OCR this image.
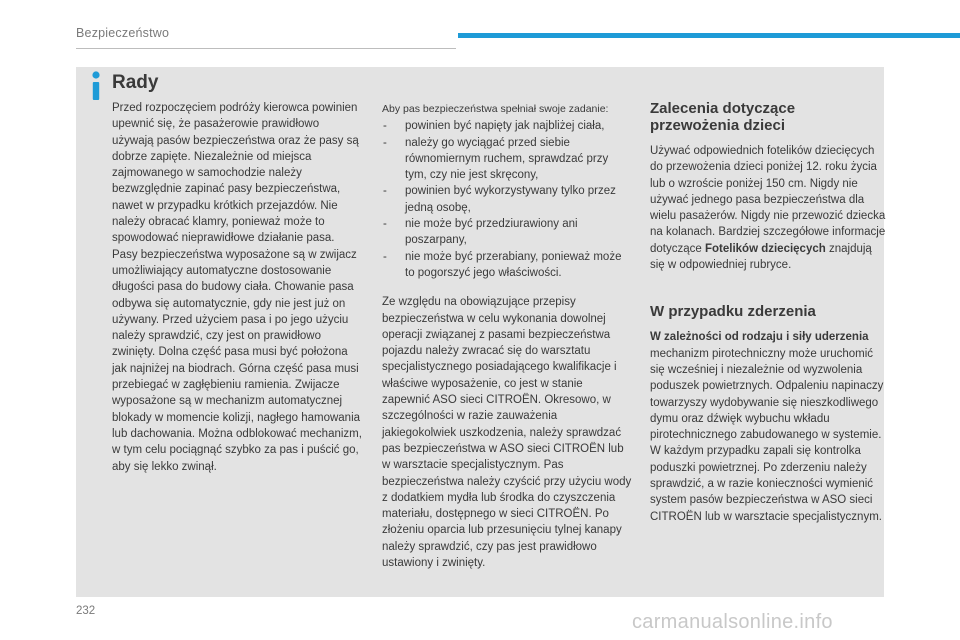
Bezpieczeństwo
Rady

Przed rozpoczęciem podróży kierowca powinien upewnić się, że pasażerowie prawidłowo używają pasów bezpieczeństwa oraz że pasy są dobrze zapięte. Niezależnie od miejsca zajmowanego w samochodzie należy bezwzględnie zapinać pasy bezpieczeństwa, nawet w przypadku krótkich przejazdów. Nie należy obracać klamry, ponieważ może to spowodować nieprawidłowe działanie pasa. Pasy bezpieczeństwa wyposażone są w zwijacz umożliwiający automatyczne dostosowanie długości pasa do budowy ciała. Chowanie pasa odbywa się automatycznie, gdy nie jest już on używany. Przed użyciem pasa i po jego użyciu należy sprawdzić, czy jest on prawidłowo zwinięty. Dolna część pasa musi być położona jak najniżej na biodrach. Górna część pasa musi przebiegać w zagłębieniu ramienia. Zwijacze wyposażone są w mechanizm automatycznej blokady w momencie kolizji, nagłego hamowania lub dachowania. Można odblokować mechanizm, w tym celu pociągnąć szybko za pas i puścić go, aby się lekko zwinął.

Aby pas bezpieczeństwa spełniał swoje zadanie:

- powinien być napięty jak najbliżej ciała,
- należy go wyciągać przed siebie równomiernym ruchem, sprawdzać przy tym, czy nie jest skręcony,
- powinien być wykorzystywany tylko przez jedną osobę,
- nie może być przedziurawiony ani poszarpany,
- nie może być przerabiany, ponieważ może to pogorszyć jego właściwości.

Ze względu na obowiązujące przepisy bezpieczeństwa w celu wykonania dowolnej operacji związanej z pasami bezpieczeństwa pojazdu należy zwracać się do warsztatu specjalistycznego posiadającego kwalifikacje i właściwe wyposażenie, co jest w stanie zapewnić ASO sieci CITROËN. Okresowo, w szczególności w razie zauważenia jakiegokolwiek uszkodzenia, należy sprawdzać pas bezpieczeństwa w ASO sieci CITROËN lub w warsztacie specjalistycznym. Pas bezpieczeństwa należy czyścić przy użyciu wody z dodatkiem mydła lub środka do czyszczenia materiału, dostępnego w sieci CITROËN. Po złożeniu oparcia lub przesunięciu tylnej kanapy należy sprawdzić, czy pas jest prawidłowo ustawiony i zwinięty.

Zalecenia dotyczące przewożenia dzieci

Używać odpowiednich fotelików dziecięcych do przewożenia dzieci poniżej 12. roku życia lub o wzroście poniżej 150 cm. Nigdy nie używać jednego pasa bezpieczeństwa dla wielu pasażerów. Nigdy nie przewozić dziecka na kolanach. Bardziej szczegółowe informacje dotyczące Fotelików dziecięcych znajdują się w odpowiedniej rubryce.

W przypadku zderzenia

W zależności od rodzaju i siły uderzenia mechanizm pirotechniczny może uruchomić się wcześniej i niezależnie od wyzwolenia poduszek powietrznych. Odpaleniu napinaczy towarzyszy wydobywanie się nieszkodliwego dymu oraz dźwięk wybuchu wkładu pirotechnicznego zabudowanego w systemie. W każdym przypadku zapali się kontrolka poduszki powietrznej. Po zderzeniu należy sprawdzić, a w razie konieczności wymienić system pasów bezpieczeństwa w ASO sieci CITROËN lub w warsztacie specjalistycznym.

232	carmanualsonline.info
